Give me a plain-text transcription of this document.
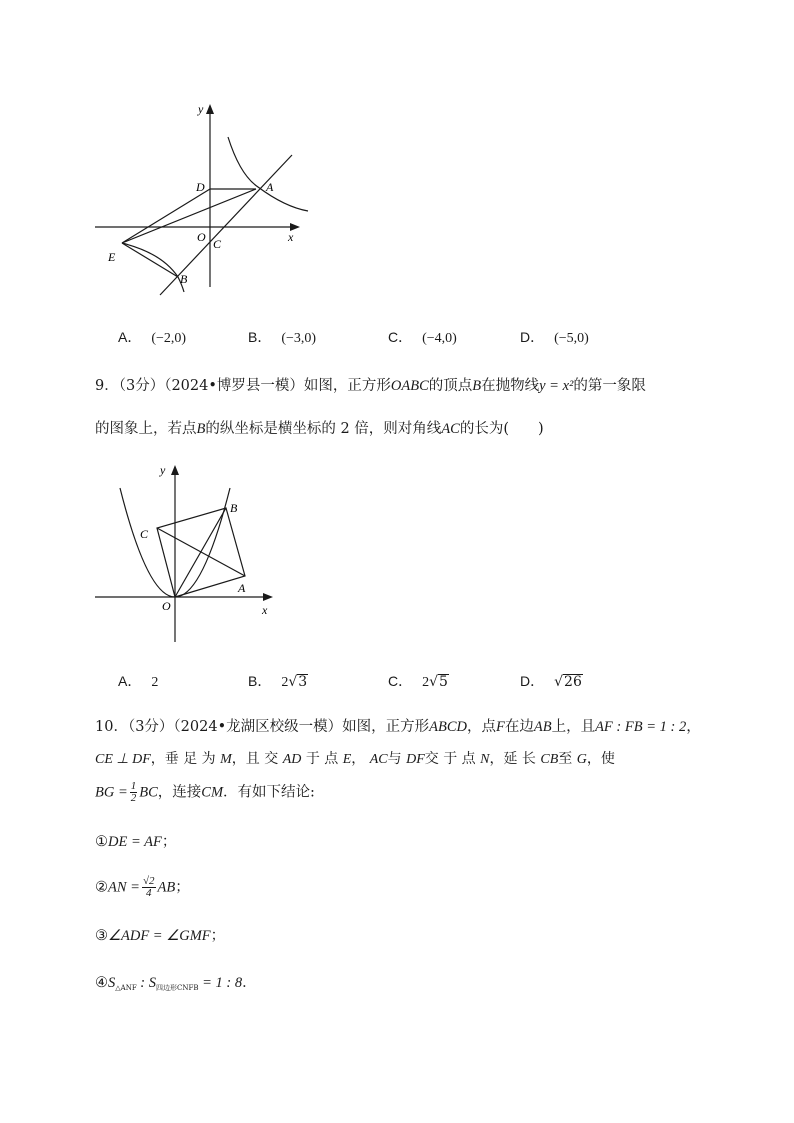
y
x
D	A
O C
E
B
A． (−2,0)	B． (−3,0)	C． (−4,0)	D． (−5,0)
9．（3分）（2024•博罗县一模）如图，正方形OABC的顶点B在抛物线y = x²的第一象限
的图象上，若点B的纵坐标是横坐标的 2 倍，则对角线AC的长为(　　)
y
x
C
B
A
O
A． 2	B． 2√3	C． 2√5	D． √26
10．（3分）（2024•龙湖区校级一模）如图，正方形ABCD，点F在边AB上，且AF : FB = 1 : 2，
CE ⊥ DF，垂 足 为 M，且 交 AD 于 点 E， AC与 DF交 于 点 N，延 长 CB至 G，使
BG = $\frac{1}{2}$ BC，连接CM．有如下结论:
①DE = AF；
②AN = $\frac{√2}{4}$ AB；
③∠ADF = ∠GMF；
$④S_{\triangle ANF}$ : $S_{四边形CNFB} = 1$ : 8．
